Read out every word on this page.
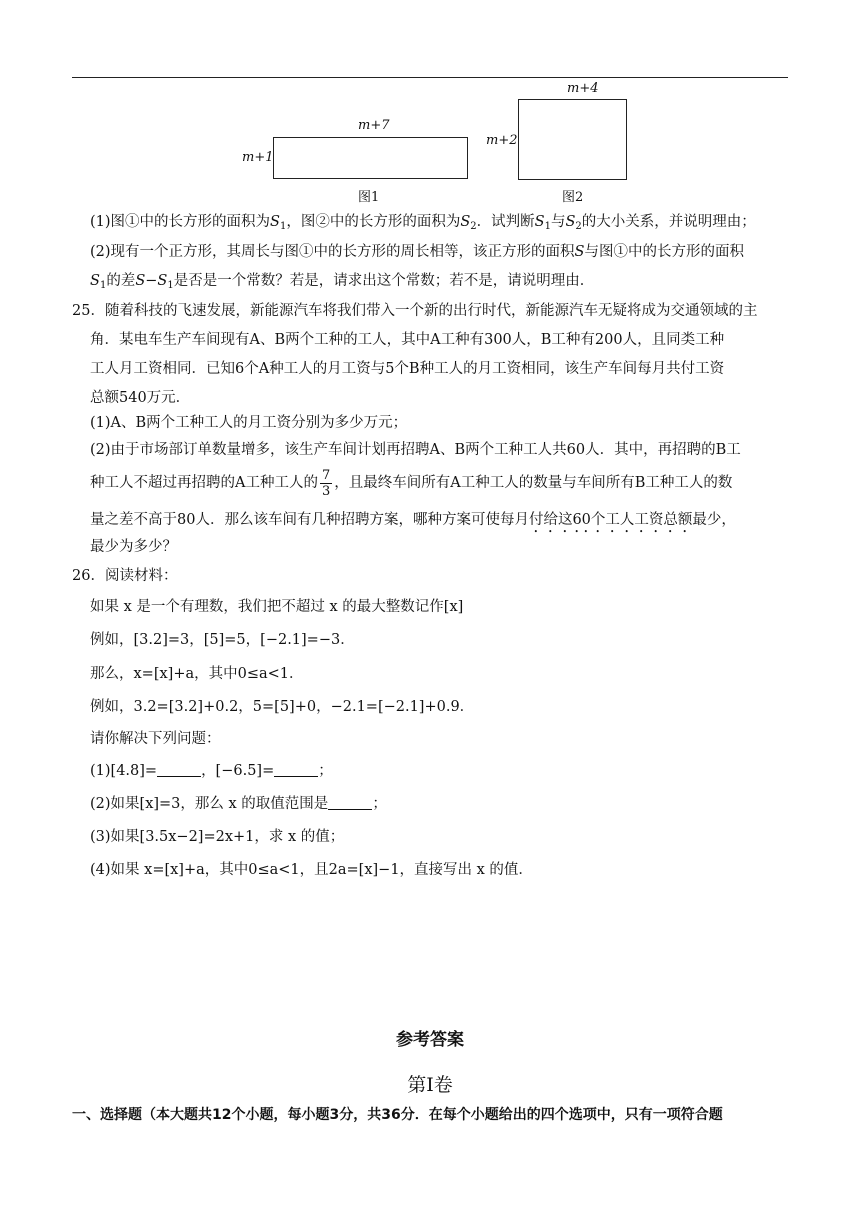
m+7
m+1
图1
m+4
m+2
图2
(1)图①中的长方形的面积为$S_1$，图②中的长方形的面积为$S_2$．试判断$S_1$与$S_2$的大小关系，并说明理由；
(2)现有一个正方形，其周长与图①中的长方形的周长相等，该正方形的面积S与图①中的长方形的面积
$S_1$的差$S-S_1$是否是一个常数？若是，请求出这个常数；若不是，请说明理由．
25．随着科技的飞速发展，新能源汽车将我们带入一个新的出行时代，新能源汽车无疑将成为交通领域的主
角．某电车生产车间现有A、B两个工种的工人，其中A工种有300人，B工种有200人，且同类工种
工人月工资相同．已知6个A种工人的月工资与5个B种工人的月工资相同，该生产车间每月共付工资
总额540万元．
(1)A、B两个工种工人的月工资分别为多少万元；
(2)由于市场部订单数量增多，该生产车间计划再招聘A、B两个工种工人共60人．其中，再招聘的B工
种工人不超过再招聘的A工种工人的 $\frac{7}{3}$ ，且最终车间所有A工种工人的数量与车间所有B工种工人的数
量之差不高于80人．那么该车间有几种招聘方案，哪种方案可使每月付给这60个工人工资总额最少，
最少为多少？
26．阅读材料：
如果 x 是一个有理数，我们把不超过 x 的最大整数记作[x]
例如，[3.2]=3，[5]=5，[−2.1]=−3．
那么，x=[x]+a，其中0≤a<1．
例如，3.2=[3.2]+0.2，5=[5]+0，−2.1=[−2.1]+0.9．
请你解决下列问题：
(1)[4.8]=	，[−6.5]=	；
(2)如果[x]=3，那么 x 的取值范围是	；
(3)如果[3.5x−2]=2x+1，求 x 的值；
(4)如果 x=[x]+a，其中0≤a<1，且2a=[x]−1，直接写出 x 的值．
参考答案
第Ⅰ卷
一、选择题（本大题共12个小题，每小题3分，共36分．在每个小题给出的四个选项中，只有一项符合题
